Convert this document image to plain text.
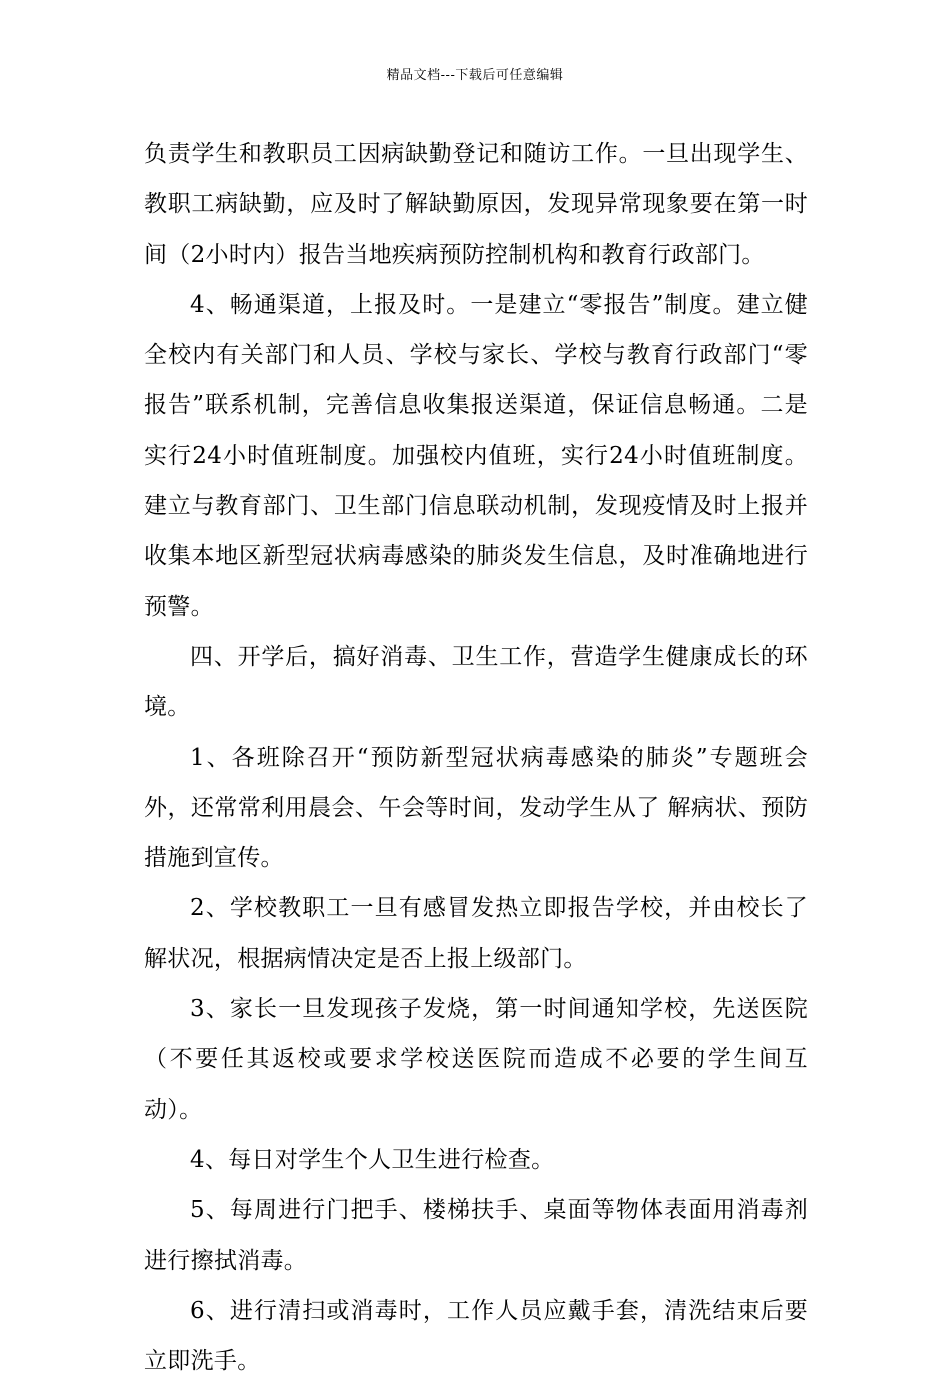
精品文档---下载后可任意编辑

负责学生和教职员工因病缺勤登记和随访工作。一旦出现学生、教职工病缺勤，应及时了解缺勤原因，发现异常现象要在第一时间（2小时内）报告当地疾病预防控制机构和教育行政部门。

4、畅通渠道，上报及时。一是建立“零报告”制度。建立健全校内有关部门和人员、学校与家长、学校与教育行政部门“零报告”联系机制，完善信息收集报送渠道，保证信息畅通。二是实行24小时值班制度。加强校内值班，实行24小时值班制度。建立与教育部门、卫生部门信息联动机制，发现疫情及时上报并收集本地区新型冠状病毒感染的肺炎发生信息，及时准确地进行预警。

四、开学后，搞好消毒、卫生工作，营造学生健康成长的环境。

1、各班除召开“预防新型冠状病毒感染的肺炎”专题班会外，还常常利用晨会、午会等时间，发动学生从了 解病状、预防措施到宣传。

2、学校教职工一旦有感冒发热立即报告学校，并由校长了解状况，根据病情决定是否上报上级部门。

3、家长一旦发现孩子发烧，第一时间通知学校，先送医院（不要任其返校或要求学校送医院而造成不必要的学生间互动）。

4、每日对学生个人卫生进行检查。

5、每周进行门把手、楼梯扶手、桌面等物体表面用消毒剂进行擦拭消毒。

6、进行清扫或消毒时，工作人员应戴手套，清洗结束后要立即洗手。
